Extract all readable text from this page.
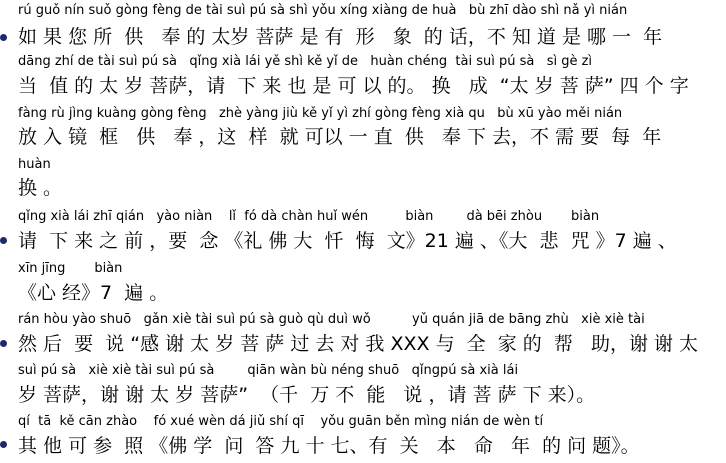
rú guǒ nín suǒ gòng fèng de tài suì pú sà shì yǒu xíng xiàng de huà   bù zhī dào shì nǎ yì nián
如 果 您 所  供   奉 的 太岁 菩萨 是 有  形   象  的 话，不 知 道 是 哪 一  年
dāng zhí de tài suì pú sà   qǐng xià lái yě shì kě yǐ de   huàn chéng  tài suì pú sà   sì gè zì
当  值 的 太 岁 菩萨，请  下 来 也 是 可 以 的。 换   成  “太 岁 菩 萨” 四 个 字
fàng rù jìng kuàng gòng fèng   zhè yàng jiù kě yǐ yì zhí gòng fèng xià qu   bù xū yào měi nián
放 入 镜  框   供   奉 ，这  样  就 可以 一 直  供   奉 下 去，不 需 要  每  年
huàn
换 。
qǐng xià lái zhī qián   yào niàn    lǐ  fó dà chàn huǐ wén         biàn        dà bēi zhòu       biàn
请  下 来 之 前 ，要  念 《礼 佛 大  忏  悔  文》21 遍 、《大  悲  咒 》7 遍 、
xīn jīng       biàn
《心 经》7  遍 。
rán hòu yào shuō   gǎn xiè tài suì pú sà guò qù duì wǒ          yǔ quán jiā de bāng zhù   xiè xiè tài
然 后  要  说 “感 谢 太 岁 菩 萨 过 去 对 我 XXX 与  全  家 的  帮   助，谢 谢 太
suì pú sà   xiè xiè tài suì pú sà        qiān wàn bù néng shuō   qǐngpú sà xià lái
岁 菩萨，谢 谢 太 岁 菩萨”  （千  万 不  能   说 ，请 菩 萨 下 来）。
qí  tā  kě cān zhào    fó xué wèn dá jiǔ shí qī    yǒu guān běn mìng nián de wèn tí
其 他 可 参  照 《佛 学  问  答 九 十 七、有  关   本   命   年  的 问 题》。
